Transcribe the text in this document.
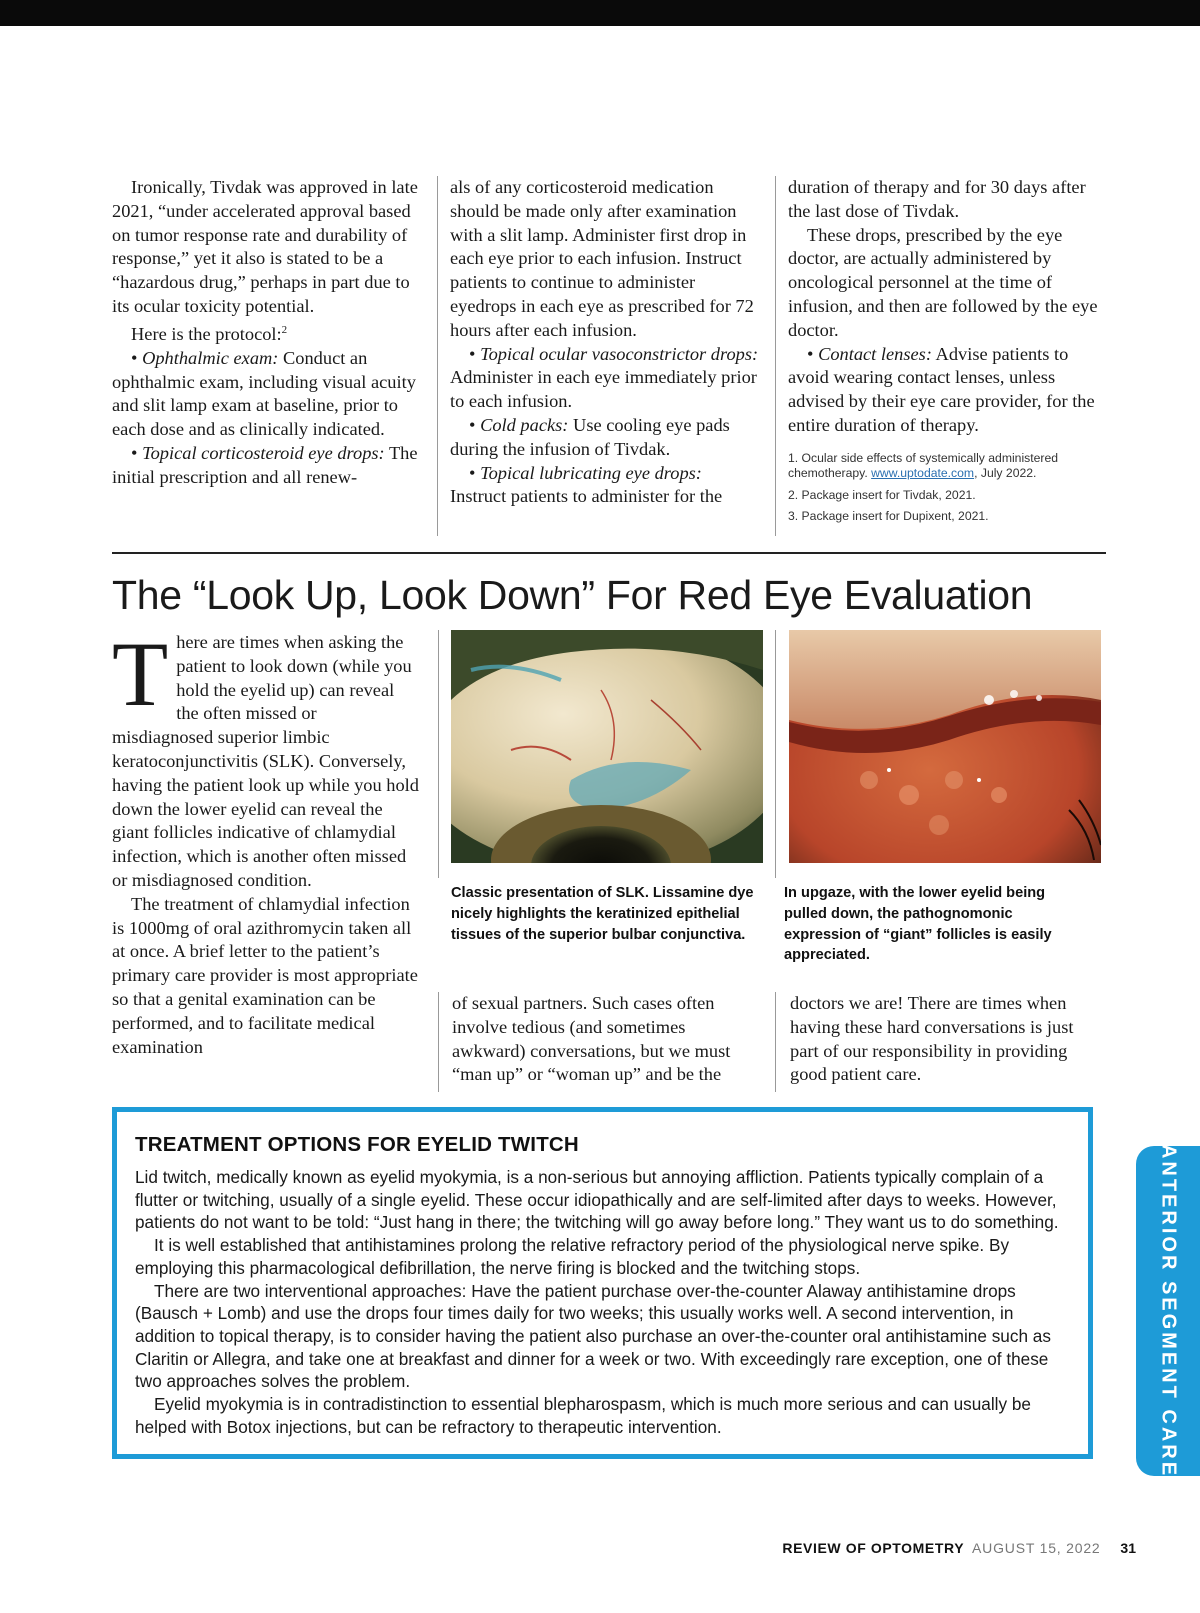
Ironically, Tivdak was approved in late 2021, “under accelerated approval based on tumor response rate and durability of response,” yet it also is stated to be a “hazardous drug,” perhaps in part due to its ocular toxicity potential.

Here is the protocol:$^2$

• Ophthalmic exam: Conduct an ophthalmic exam, including visual acuity and slit lamp exam at baseline, prior to each dose and as clinically indicated.

• Topical corticosteroid eye drops: The initial prescription and all renew-

als of any corticosteroid medication should be made only after examination with a slit lamp. Administer first drop in each eye prior to each infusion. Instruct patients to continue to administer eyedrops in each eye as prescribed for 72 hours after each infusion.

• Topical ocular vasoconstrictor drops: Administer in each eye immediately prior to each infusion.

• Cold packs: Use cooling eye pads during the infusion of Tivdak.

• Topical lubricating eye drops: Instruct patients to administer for the

duration of therapy and for 30 days after the last dose of Tivdak.

These drops, prescribed by the eye doctor, are actually administered by oncological personnel at the time of infusion, and then are followed by the eye doctor.

• Contact lenses: Advise patients to avoid wearing contact lenses, unless advised by their eye care provider, for the entire duration of therapy.

1. Ocular side effects of systemically administered chemotherapy. www.uptodate.com, July 2022.
2. Package insert for Tivdak, 2021.
3. Package insert for Dupixent, 2021.
The “Look Up, Look Down” For Red Eye Evaluation

There are times when asking the patient to look down (while you hold the eyelid up) can reveal the often missed or misdiagnosed superior limbic keratoconjunctivitis (SLK). Conversely, having the patient look up while you hold down the lower eyelid can reveal the giant follicles indicative of chlamydial infection, which is another often missed or misdiagnosed condition.

The treatment of chlamydial infection is 1000mg of oral azithromycin taken all at once. A brief letter to the patient’s primary care provider is most appropriate so that a genital examination can be performed, and to facilitate medical examination

Classic presentation of SLK. Lissamine dye nicely highlights the keratinized epithelial tissues of the superior bulbar conjunctiva.

of sexual partners. Such cases often involve tedious (and sometimes awkward) conversations, but we must “man up” or “woman up” and be the

In upgaze, with the lower eyelid being pulled down, the pathognomonic expression of “giant” follicles is easily appreciated.

doctors we are! There are times when having these hard conversations is just part of our responsibility in providing good patient care.

TREATMENT OPTIONS FOR EYELID TWITCH

Lid twitch, medically known as eyelid myokymia, is a non-serious but annoying affliction. Patients typically complain of a flutter or twitching, usually of a single eyelid. These occur idiopathically and are self-limited after days to weeks. However, patients do not want to be told: “Just hang in there; the twitching will go away before long.” They want us to do something.

It is well established that antihistamines prolong the relative refractory period of the physiological nerve spike. By employing this pharmacological defibrillation, the nerve firing is blocked and the twitching stops.

There are two interventional approaches: Have the patient purchase over-the-counter Alaway antihistamine drops (Bausch + Lomb) and use the drops four times daily for two weeks; this usually works well. A second intervention, in addition to topical therapy, is to consider having the patient also purchase an over-the-counter oral antihistamine such as Claritin or Allegra, and take one at breakfast and dinner for a week or two. With exceedingly rare exception, one of these two approaches solves the problem.

Eyelid myokymia is in contradistinction to essential blepharospasm, which is much more serious and can usually be helped with Botox injections, but can be refractory to therapeutic intervention.	ANTERIOR SEGMENT CARE
REVIEW OF OPTOMETRY AUGUST 15, 2022 31
